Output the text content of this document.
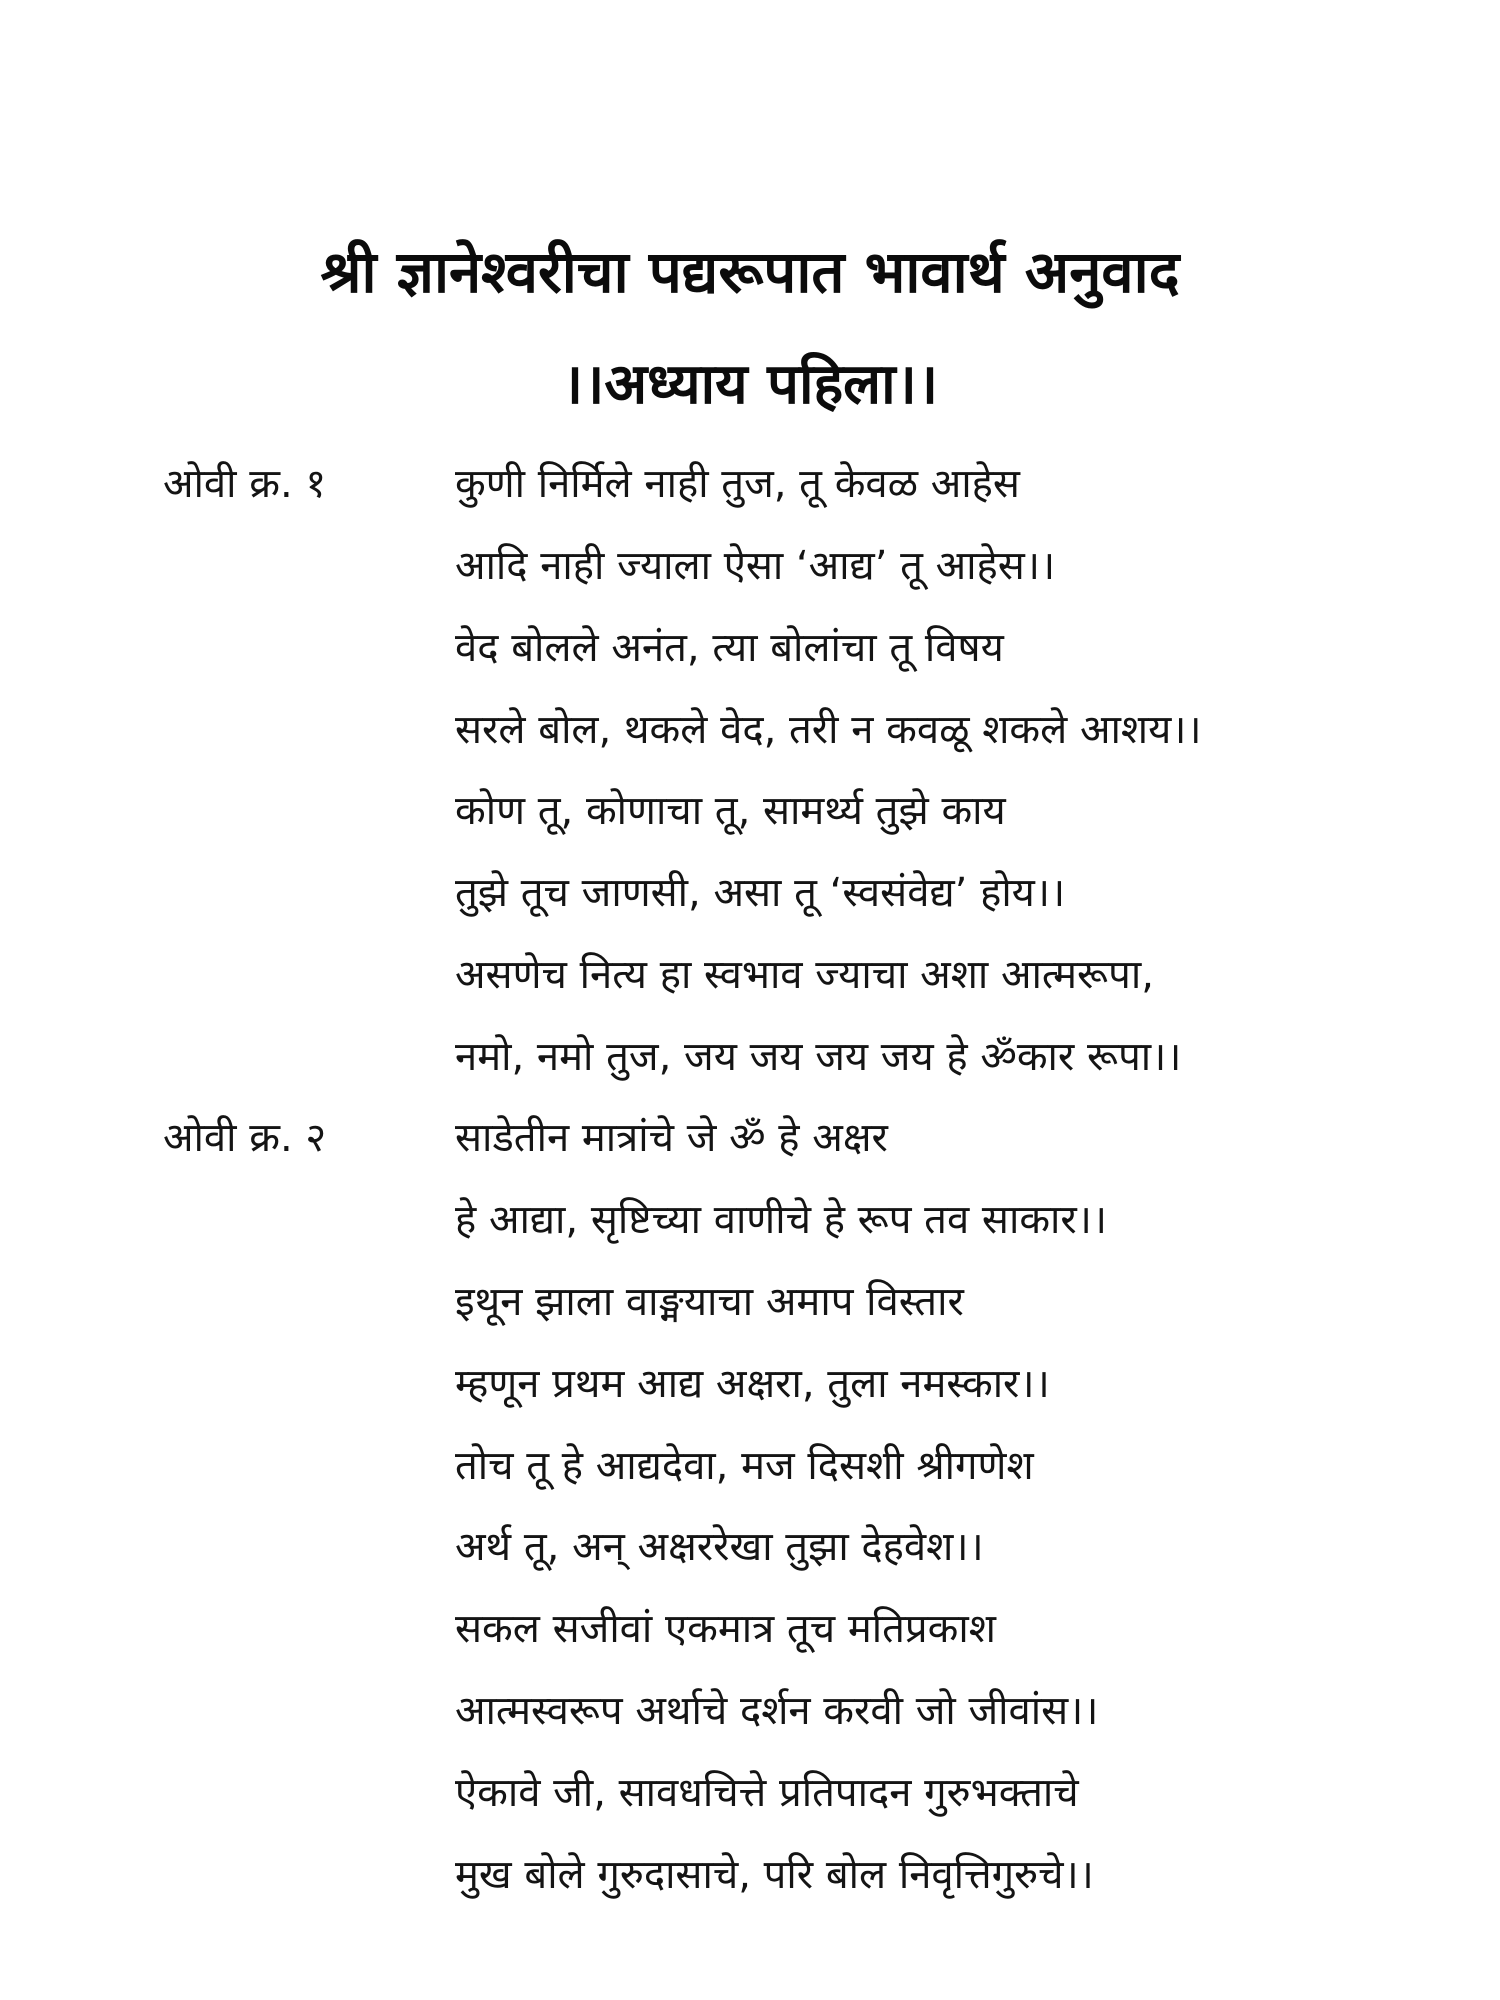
श्री ज्ञानेश्वरीचा पद्यरूपात भावार्थ अनुवाद
।।अध्याय पहिला।।
ओवी क्र. १	कुणी निर्मिले नाही तुज, तू केवळ आहेस
आदि नाही ज्याला ऐसा ‘आद्य’ तू आहेस।।
वेद बोलले अनंत, त्या बोलांचा तू विषय
सरले बोल, थकले वेद, तरी न कवळू शकले आशय।।
कोण तू, कोणाचा तू, सामर्थ्य तुझे काय
तुझे तूच जाणसी, असा तू ‘स्वसंवेद्य’ होय।।
असणेच नित्य हा स्वभाव ज्याचा अशा आत्मरूपा,
नमो, नमो तुज, जय जय जय जय हे ॐकार रूपा।।
ओवी क्र. २	साडेतीन मात्रांचे जे ॐ हे अक्षर
हे आद्या, सृष्टिच्या वाणीचे हे रूप तव साकार।।
इथून झाला वाङ्मयाचा अमाप विस्तार
म्हणून प्रथम आद्य अक्षरा, तुला नमस्कार।।
तोच तू हे आद्यदेवा, मज दिसशी श्रीगणेश
अर्थ तू, अन् अक्षररेखा तुझा देहवेश।।
सकल सजीवां एकमात्र तूच मतिप्रकाश
आत्मस्वरूप अर्थाचे दर्शन करवी जो जीवांस।।
ऐकावे जी, सावधचित्ते प्रतिपादन गुरुभक्ताचे
मुख बोले गुरुदासाचे, परि बोल निवृत्तिगुरुचे।।
